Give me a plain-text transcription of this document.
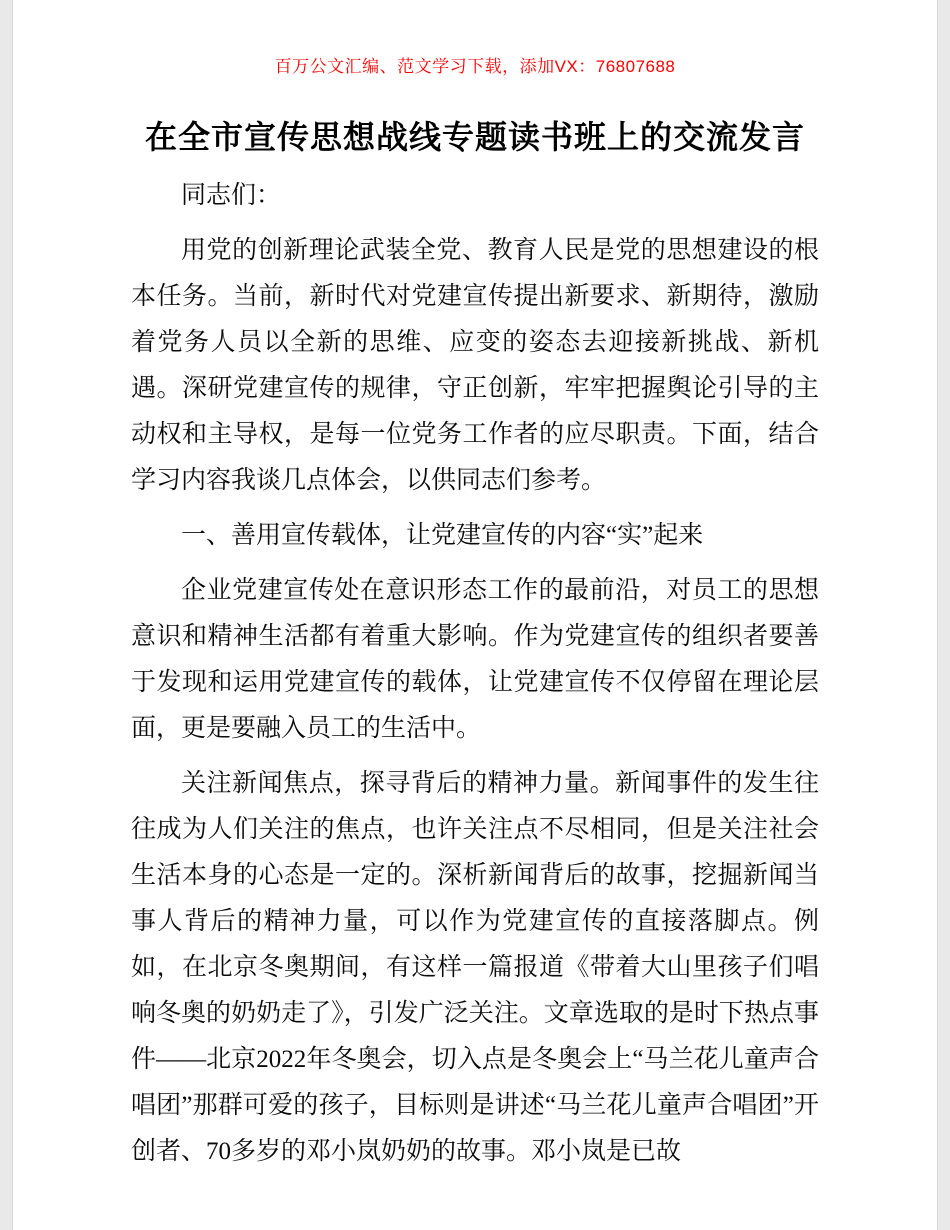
百万公文汇编、范文学习下载，添加VX：76807688
在全市宣传思想战线专题读书班上的交流发言

同志们：

用党的创新理论武装全党、教育人民是党的思想建设的根本任务。当前，新时代对党建宣传提出新要求、新期待，激励着党务人员以全新的思维、应变的姿态去迎接新挑战、新机遇。深研党建宣传的规律，守正创新，牢牢把握舆论引导的主动权和主导权，是每一位党务工作者的应尽职责。下面，结合学习内容我谈几点体会，以供同志们参考。

一、善用宣传载体，让党建宣传的内容“实”起来

企业党建宣传处在意识形态工作的最前沿，对员工的思想意识和精神生活都有着重大影响。作为党建宣传的组织者要善于发现和运用党建宣传的载体，让党建宣传不仅停留在理论层面，更是要融入员工的生活中。

关注新闻焦点，探寻背后的精神力量。新闻事件的发生往往成为人们关注的焦点，也许关注点不尽相同，但是关注社会生活本身的心态是一定的。深析新闻背后的故事，挖掘新闻当事人背后的精神力量，可以作为党建宣传的直接落脚点。例如，在北京冬奥期间，有这样一篇报道《带着大山里孩子们唱响冬奥的奶奶走了》，引发广泛关注。文章选取的是时下热点事件——北京2022年冬奥会，切入点是冬奥会上“马兰花儿童声合唱团”那群可爱的孩子，目标则是讲述“马兰花儿童声合唱团”开创者、70多岁的邓小岚奶奶的故事。邓小岚是已故
